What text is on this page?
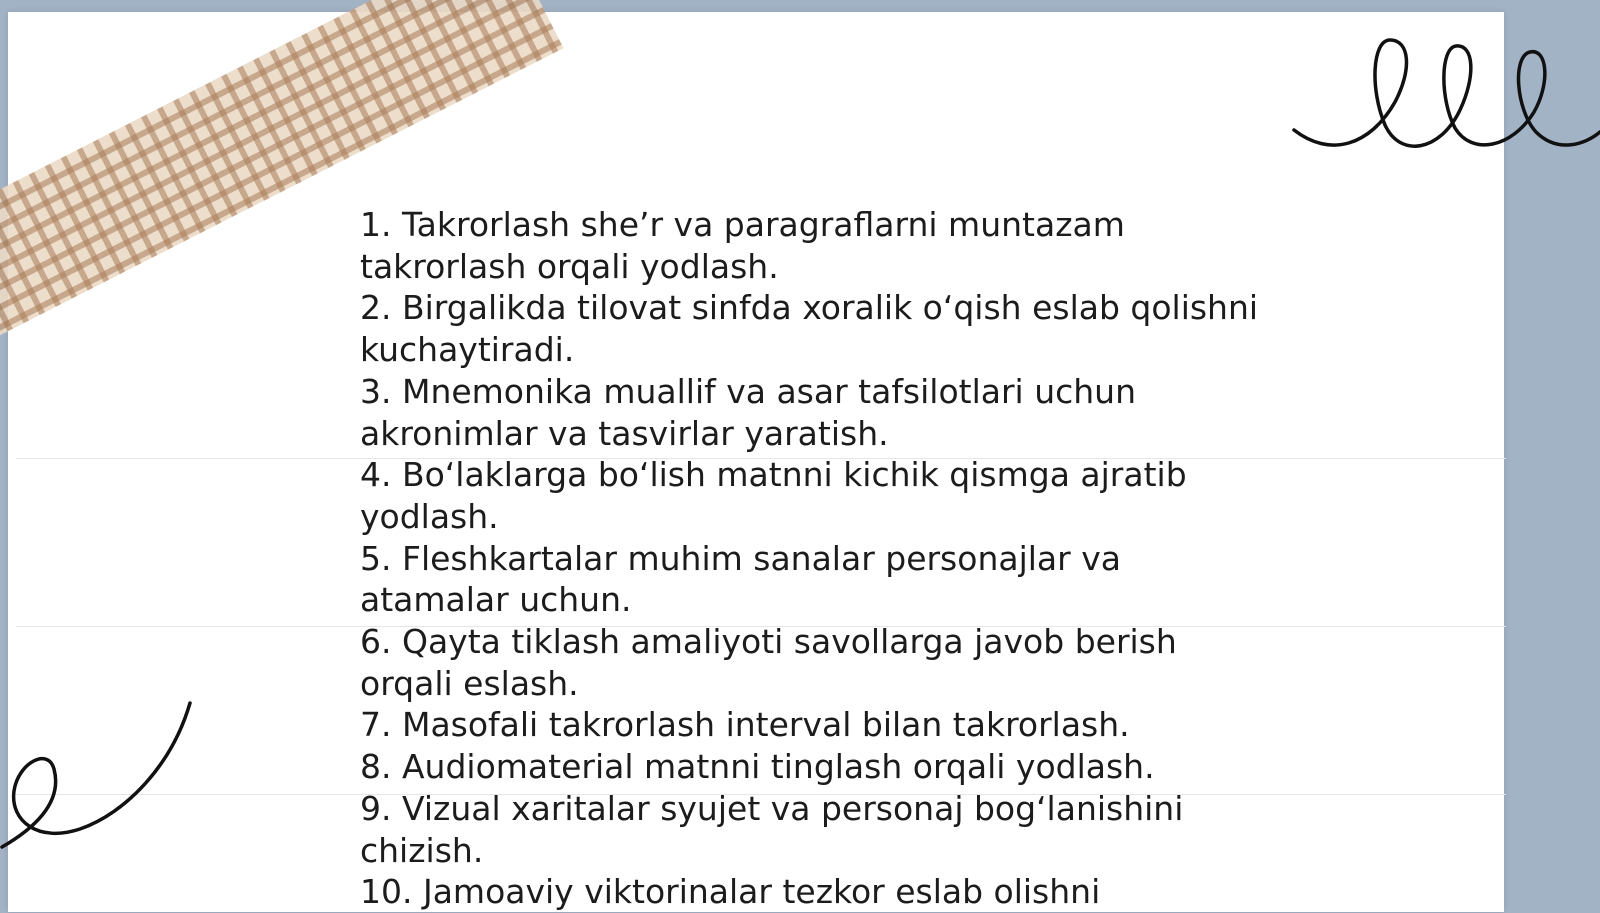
1. Takrorlash she’r va paragraflarni muntazam takrorlash orqali yodlash.
2. Birgalikda tilovat sinfda xoralik o‘qish eslab qolishni kuchaytiradi.
3. Mnemonika muallif va asar tafsilotlari uchun akronimlar va tasvirlar yaratish.
4. Bo‘laklarga bo‘lish matnni kichik qismga ajratib yodlash.
5. Fleshkartalar muhim sanalar personajlar va atamalar uchun.
6. Qayta tiklash amaliyoti savollarga javob berish orqali eslash.
7. Masofali takrorlash interval bilan takrorlash.
8. Audiomaterial matnni tinglash orqali yodlash.
9. Vizual xaritalar syujet va personaj bog‘lanishini chizish.
10. Jamoaviy viktorinalar tezkor eslab olishni
